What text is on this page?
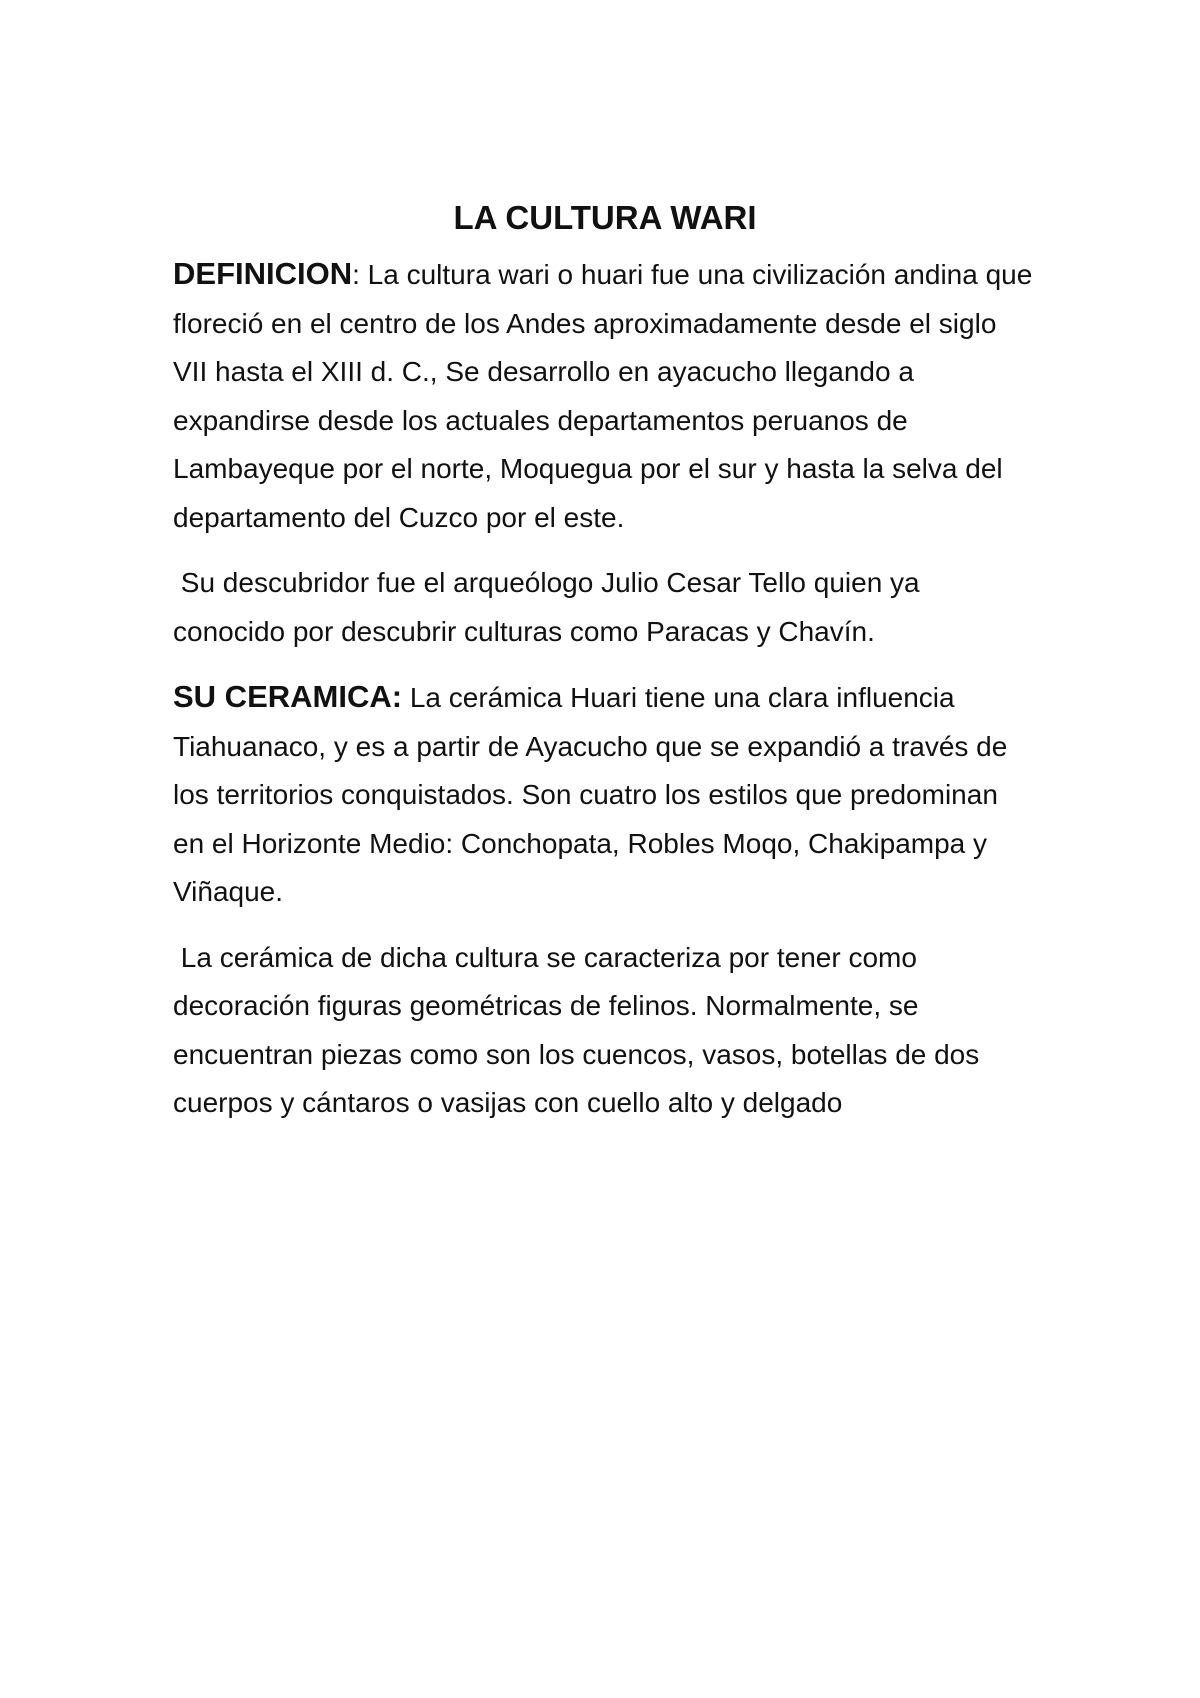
LA CULTURA WARI

DEFINICION: La cultura wari o huari fue una civilización andina que floreció en el centro de los Andes aproximadamente desde el siglo VII hasta el XIII d. C., Se desarrollo en ayacucho llegando a expandirse desde los actuales departamentos peruanos de Lambayeque por el norte, Moquegua por el sur y hasta la selva del departamento del Cuzco por el este.

Su descubridor fue el arqueólogo Julio Cesar Tello quien ya conocido por descubrir culturas como Paracas y Chavín.

SU CERAMICA: La cerámica Huari tiene una clara influencia Tiahuanaco, y es a partir de Ayacucho que se expandió a través de los territorios conquistados. Son cuatro los estilos que predominan en el Horizonte Medio: Conchopata, Robles Moqo, Chakipampa y Viñaque.

La cerámica de dicha cultura se caracteriza por tener como decoración figuras geométricas de felinos. Normalmente, se encuentran piezas como son los cuencos, vasos, botellas de dos cuerpos y cántaros o vasijas con cuello alto y delgado
